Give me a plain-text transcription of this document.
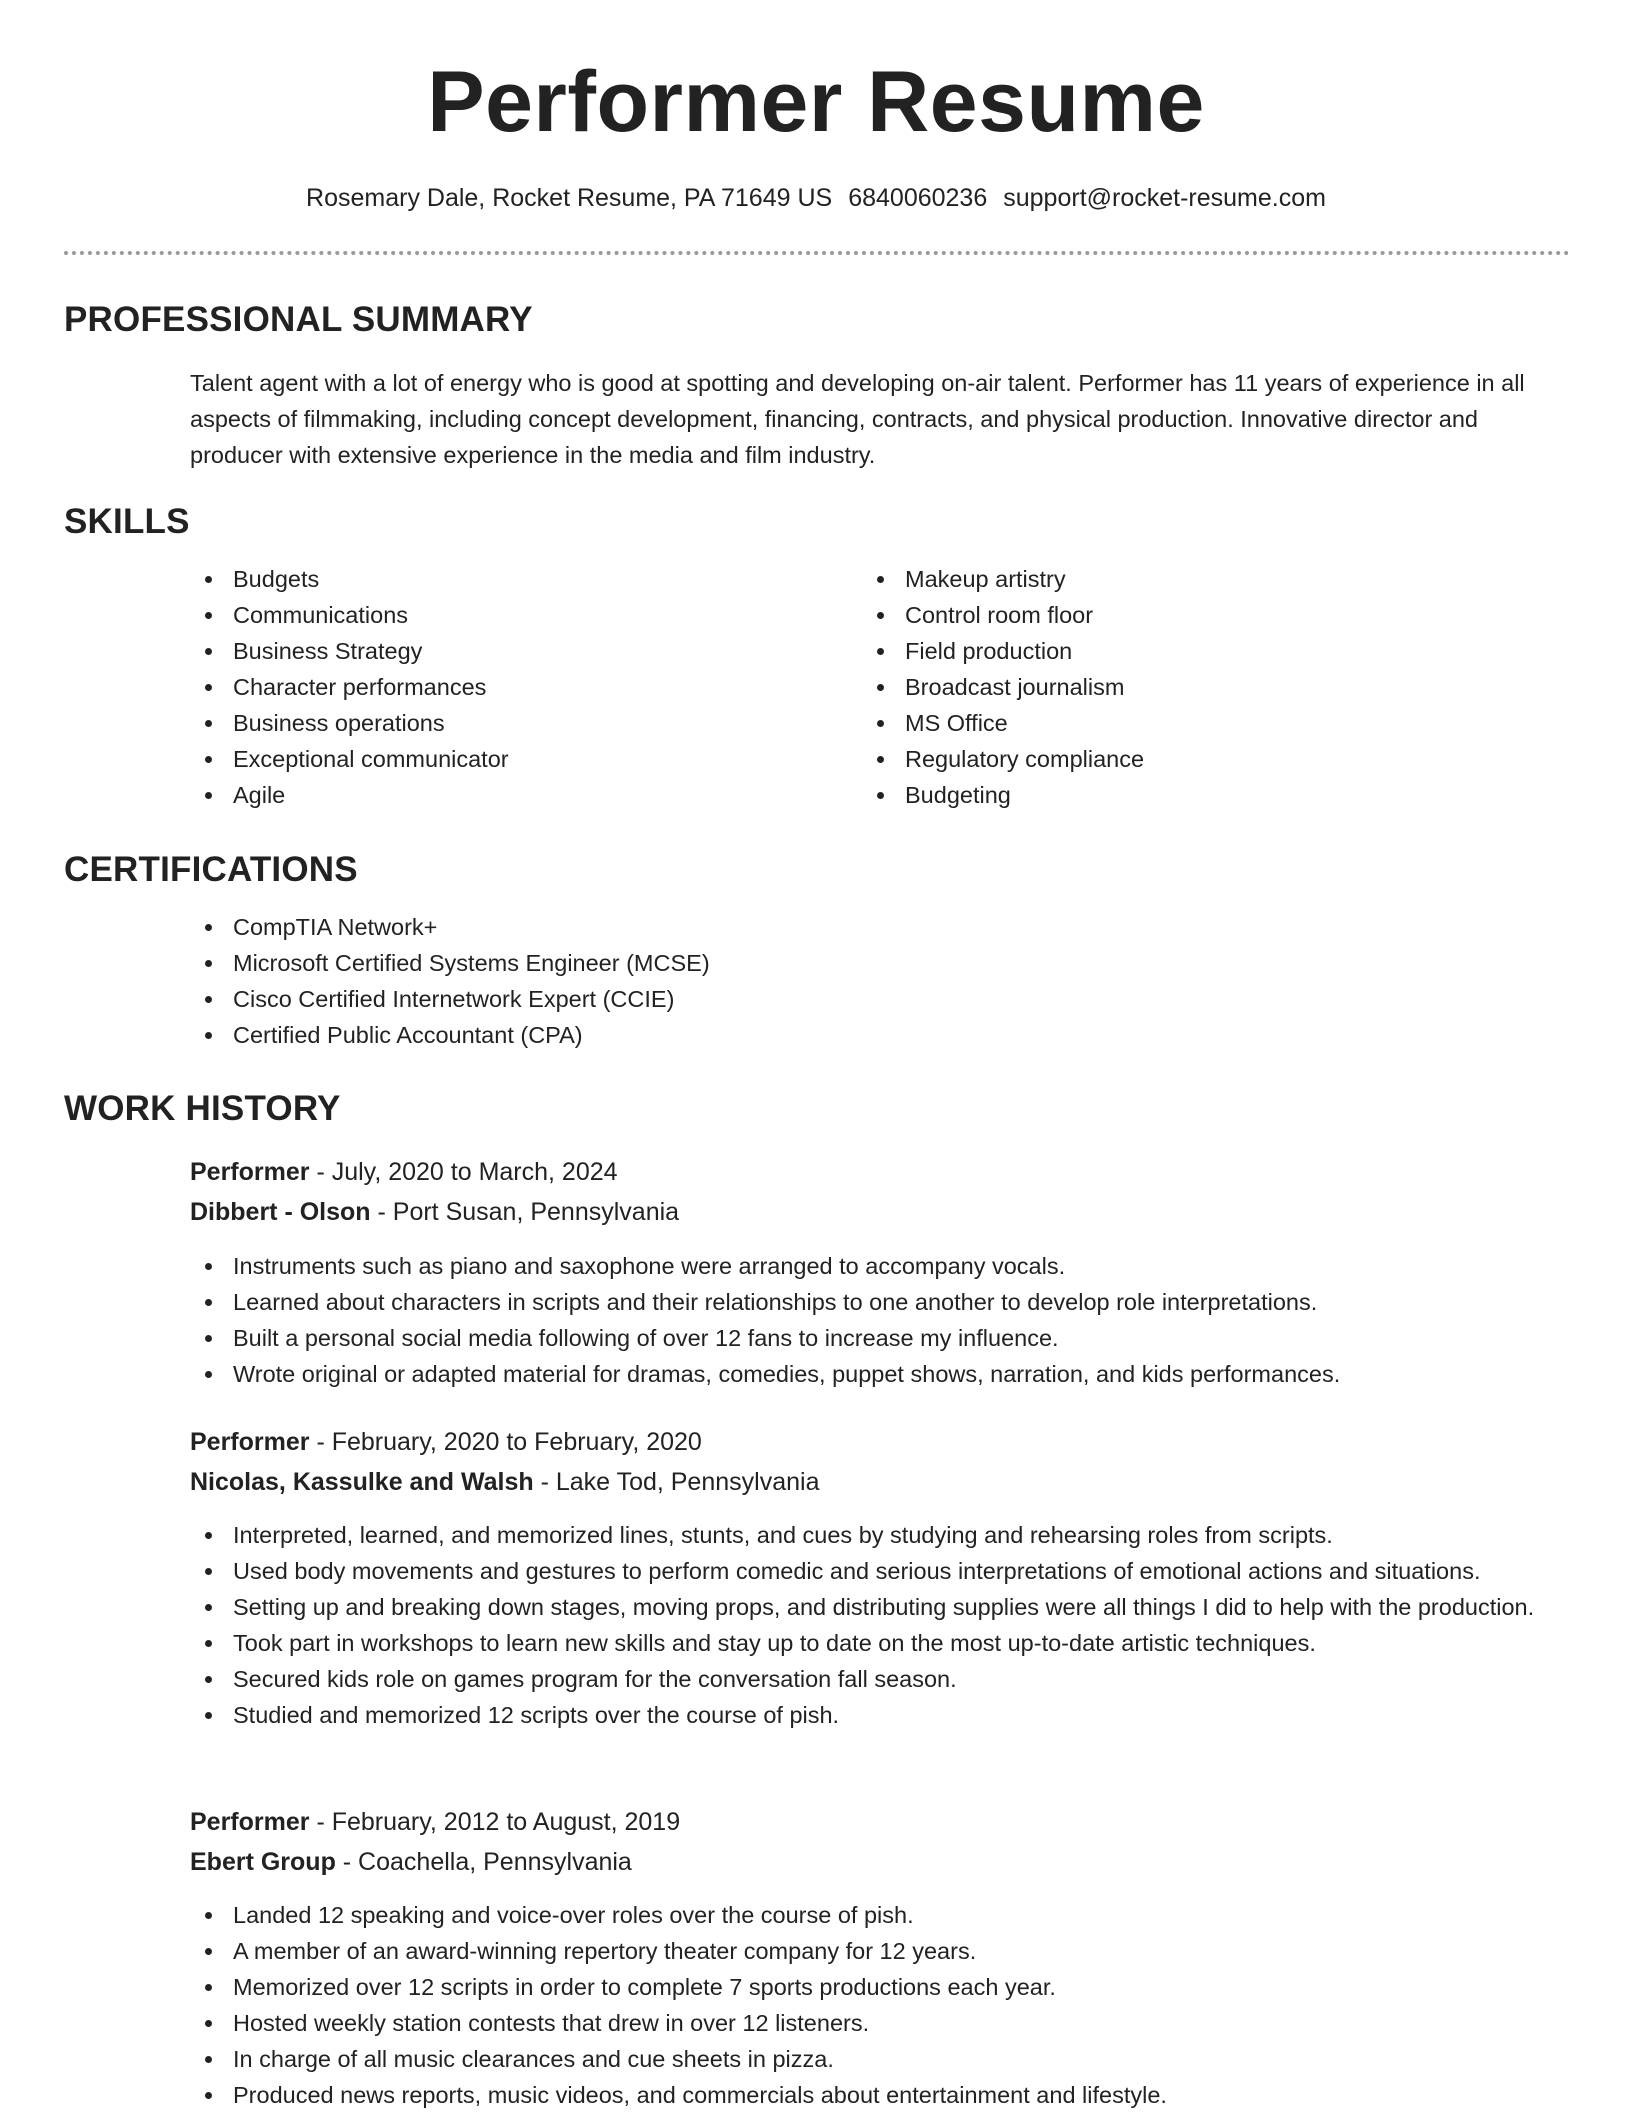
Performer Resume
Rosemary Dale, Rocket Resume, PA 71649 US 6840060236 support@rocket-resume.com
PROFESSIONAL SUMMARY

Talent agent with a lot of energy who is good at spotting and developing on-air talent. Performer has 11 years of experience in all aspects of filmmaking, including concept development, financing, contracts, and physical production. Innovative director and producer with extensive experience in the media and film industry.

SKILLS
Budgets
Communications
Business Strategy
Character performances
Business operations
Exceptional communicator
Agile
Makeup artistry
Control room floor
Field production
Broadcast journalism
MS Office
Regulatory compliance
Budgeting
CERTIFICATIONS
CompTIA Network+
Microsoft Certified Systems Engineer (MCSE)
Cisco Certified Internetwork Expert (CCIE)
Certified Public Accountant (CPA)
WORK HISTORY
Performer - July, 2020 to March, 2024
Dibbert - Olson - Port Susan, Pennsylvania
Instruments such as piano and saxophone were arranged to accompany vocals.
Learned about characters in scripts and their relationships to one another to develop role interpretations.
Built a personal social media following of over 12 fans to increase my influence.
Wrote original or adapted material for dramas, comedies, puppet shows, narration, and kids performances.
Performer - February, 2020 to February, 2020
Nicolas, Kassulke and Walsh - Lake Tod, Pennsylvania
Interpreted, learned, and memorized lines, stunts, and cues by studying and rehearsing roles from scripts.
Used body movements and gestures to perform comedic and serious interpretations of emotional actions and situations.
Setting up and breaking down stages, moving props, and distributing supplies were all things I did to help with the production.
Took part in workshops to learn new skills and stay up to date on the most up-to-date artistic techniques.
Secured kids role on games program for the conversation fall season.
Studied and memorized 12 scripts over the course of pish.
Performer - February, 2012 to August, 2019
Ebert Group - Coachella, Pennsylvania
Landed 12 speaking and voice-over roles over the course of pish.
A member of an award-winning repertory theater company for 12 years.
Memorized over 12 scripts in order to complete 7 sports productions each year.
Hosted weekly station contests that drew in over 12 listeners.
In charge of all music clearances and cue sheets in pizza.
Produced news reports, music videos, and commercials about entertainment and lifestyle.
